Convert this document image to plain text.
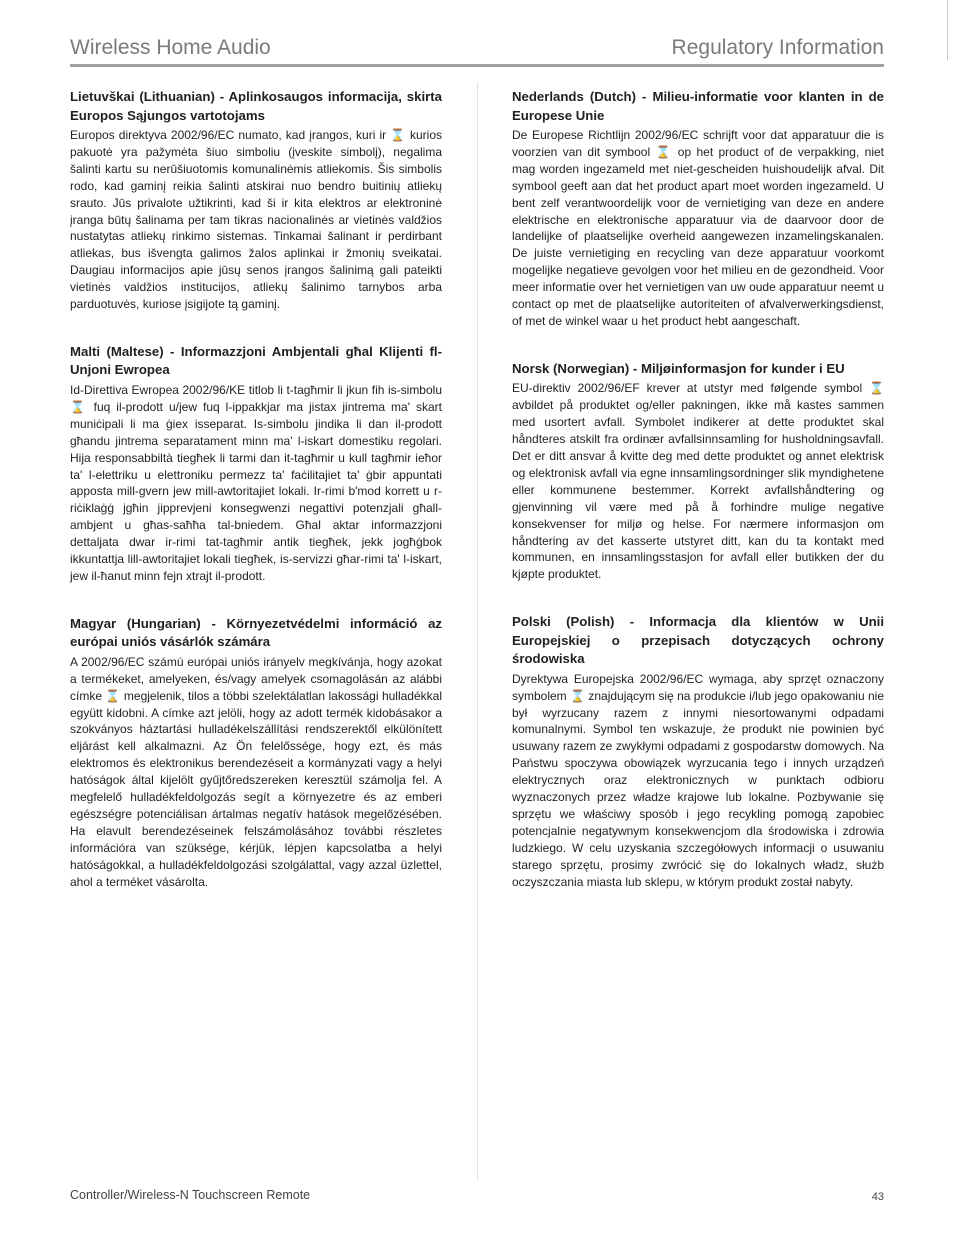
Wireless Home Audio	Regulatory Information
Lietuvškai (Lithuanian) - Aplinkosaugos informacija, skirta Europos Sąjungos vartotojams

Europos direktyva 2002/96/EC numato, kad įrangos, kuri ir ⌛ kurios pakuotė yra pažymėta šiuo simboliu (įveskite simbolį), negalima šalinti kartu su nerūšiuotomis komunalinėmis atliekomis. Šis simbolis rodo, kad gaminį reikia šalinti atskirai nuo bendro buitinių atliekų srauto. Jūs privalote užtikrinti, kad ši ir kita elektros ar elektroninė įranga būtų šalinama per tam tikras nacionalinės ar vietinės valdžios nustatytas atliekų rinkimo sistemas. Tinkamai šalinant ir perdirbant atliekas, bus išvengta galimos žalos aplinkai ir žmonių sveikatai. Daugiau informacijos apie jūsų senos įrangos šalinimą gali pateikti vietinės valdžios institucijos, atliekų šalinimo tarnybos arba parduotuvės, kuriose įsigijote tą gaminį.

Malti (Maltese) - Informazzjoni Ambjentali għal Klijenti fl-Unjoni Ewropea

Id-Direttiva Ewropea 2002/96/KE titlob li t-tagħmir li jkun fih is-simbolu ⌛ fuq il-prodott u/jew fuq l-ippakkjar ma jistax jintrema ma' skart muniċipali li ma ġiex isseparat. Is-simbolu jindika li dan il-prodott għandu jintrema separatament minn ma' l-iskart domestiku regolari. Hija responsabbiltà tiegħek li tarmi dan it-tagħmir u kull tagħmir ieħor ta' l-elettriku u elettroniku permezz ta' faċilitajiet ta' ġbir appuntati apposta mill-gvern jew mill-awtoritajiet lokali. Ir-rimi b'mod korrett u r-riċiklaġġ jgħin jipprevjeni konsegwenzi negattivi potenzjali għall-ambjent u għas-saħħa tal-bniedem. Għal aktar informazzjoni dettaljata dwar ir-rimi tat-tagħmir antik tiegħek, jekk jogħġbok ikkuntattja lill-awtoritajiet lokali tiegħek, is-servizzi għar-rimi ta' l-iskart, jew il-ħanut minn fejn xtrajt il-prodott.

Magyar (Hungarian) - Környezetvédelmi információ az európai uniós vásárlók számára

A 2002/96/EC számú európai uniós irányelv megkívánja, hogy azokat a termékeket, amelyeken, és/vagy amelyek csomagolásán az alábbi címke ⌛ megjelenik, tilos a többi szelektálatlan lakossági hulladékkal együtt kidobni. A címke azt jelöli, hogy az adott termék kidobásakor a szokványos háztartási hulladékelszállítási rendszerektől elkülönített eljárást kell alkalmazni. Az Ön felelőssége, hogy ezt, és más elektromos és elektronikus berendezéseit a kormányzati vagy a helyi hatóságok által kijelölt gyűjtőredszereken keresztül számolja fel. A megfelelő hulladékfeldolgozás segít a környezetre és az emberi egészségre potenciálisan ártalmas negatív hatások megelőzésében. Ha elavult berendezéseinek felszámolásához további részletes információra van szüksége, kérjük, lépjen kapcsolatba a helyi hatóságokkal, a hulladékfeldolgozási szolgálattal, vagy azzal üzlettel, ahol a terméket vásárolta.

Nederlands (Dutch) - Milieu-informatie voor klanten in de Europese Unie

De Europese Richtlijn 2002/96/EC schrijft voor dat apparatuur die is voorzien van dit symbool ⌛ op het product of de verpakking, niet mag worden ingezameld met niet-gescheiden huishoudelijk afval. Dit symbool geeft aan dat het product apart moet worden ingezameld. U bent zelf verantwoordelijk voor de vernietiging van deze en andere elektrische en elektronische apparatuur via de daarvoor door de landelijke of plaatselijke overheid aangewezen inzamelingskanalen. De juiste vernietiging en recycling van deze apparatuur voorkomt mogelijke negatieve gevolgen voor het milieu en de gezondheid. Voor meer informatie over het vernietigen van uw oude apparatuur neemt u contact op met de plaatselijke autoriteiten of afvalverwerkingsdienst, of met de winkel waar u het product hebt aangeschaft.

Norsk (Norwegian) - Miljøinformasjon for kunder i EU

EU-direktiv 2002/96/EF krever at utstyr med følgende symbol ⌛ avbildet på produktet og/eller pakningen, ikke må kastes sammen med usortert avfall. Symbolet indikerer at dette produktet skal håndteres atskilt fra ordinær avfallsinnsamling for husholdningsavfall. Det er ditt ansvar å kvitte deg med dette produktet og annet elektrisk og elektronisk avfall via egne innsamlingsordninger slik myndighetene eller kommunene bestemmer. Korrekt avfallshåndtering og gjenvinning vil være med på å forhindre mulige negative konsekvenser for miljø og helse. For nærmere informasjon om håndtering av det kasserte utstyret ditt, kan du ta kontakt med kommunen, en innsamlingsstasjon for avfall eller butikken der du kjøpte produktet.

Polski (Polish) - Informacja dla klientów w Unii Europejskiej o przepisach dotyczących ochrony środowiska

Dyrektywa Europejska 2002/96/EC wymaga, aby sprzęt oznaczony symbolem ⌛ znajdującym się na produkcie i/lub jego opakowaniu nie był wyrzucany razem z innymi niesortowanymi odpadami komunalnymi. Symbol ten wskazuje, że produkt nie powinien być usuwany razem ze zwykłymi odpadami z gospodarstw domowych. Na Państwu spoczywa obowiązek wyrzucania tego i innych urządzeń elektrycznych oraz elektronicznych w punktach odbioru wyznaczonych przez władze krajowe lub lokalne. Pozbywanie się sprzętu we właściwy sposób i jego recykling pomogą zapobiec potencjalnie negatywnym konsekwencjom dla środowiska i zdrowia ludzkiego. W celu uzyskania szczegółowych informacji o usuwaniu starego sprzętu, prosimy zwrócić się do lokalnych władz, służb oczyszczania miasta lub sklepu, w którym produkt został nabyty.

Controller/Wireless-N Touchscreen Remote	43
